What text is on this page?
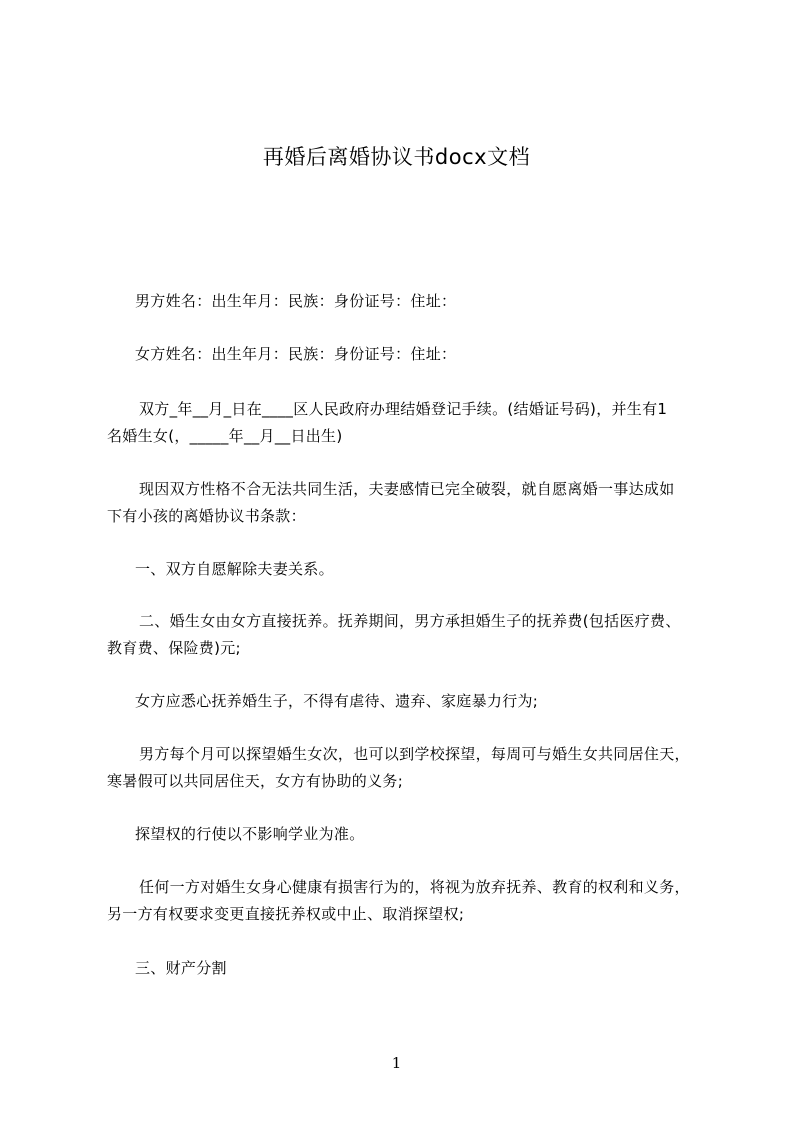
再婚后离婚协议书docx文档

男方姓名：出生年月：民族：身份证号：住址：

女方姓名：出生年月：民族：身份证号：住址：

双方_年__月_日在____区人民政府办理结婚登记手续。(结婚证号码)，并生有1
名婚生女(，_____年__月__日出生)

现因双方性格不合无法共同生活，夫妻感情已完全破裂，就自愿离婚一事达成如
下有小孩的离婚协议书条款：

一、双方自愿解除夫妻关系。

二、婚生女由女方直接抚养。抚养期间，男方承担婚生子的抚养费(包括医疗费、
教育费、保险费)元;

女方应悉心抚养婚生子，不得有虐待、遗弃、家庭暴力行为;

男方每个月可以探望婚生女次，也可以到学校探望，每周可与婚生女共同居住天，
寒暑假可以共同居住天，女方有协助的义务;

探望权的行使以不影响学业为准。

任何一方对婚生女身心健康有损害行为的，将视为放弃抚养、教育的权利和义务，
另一方有权要求变更直接抚养权或中止、取消探望权;

三、财产分割

1
